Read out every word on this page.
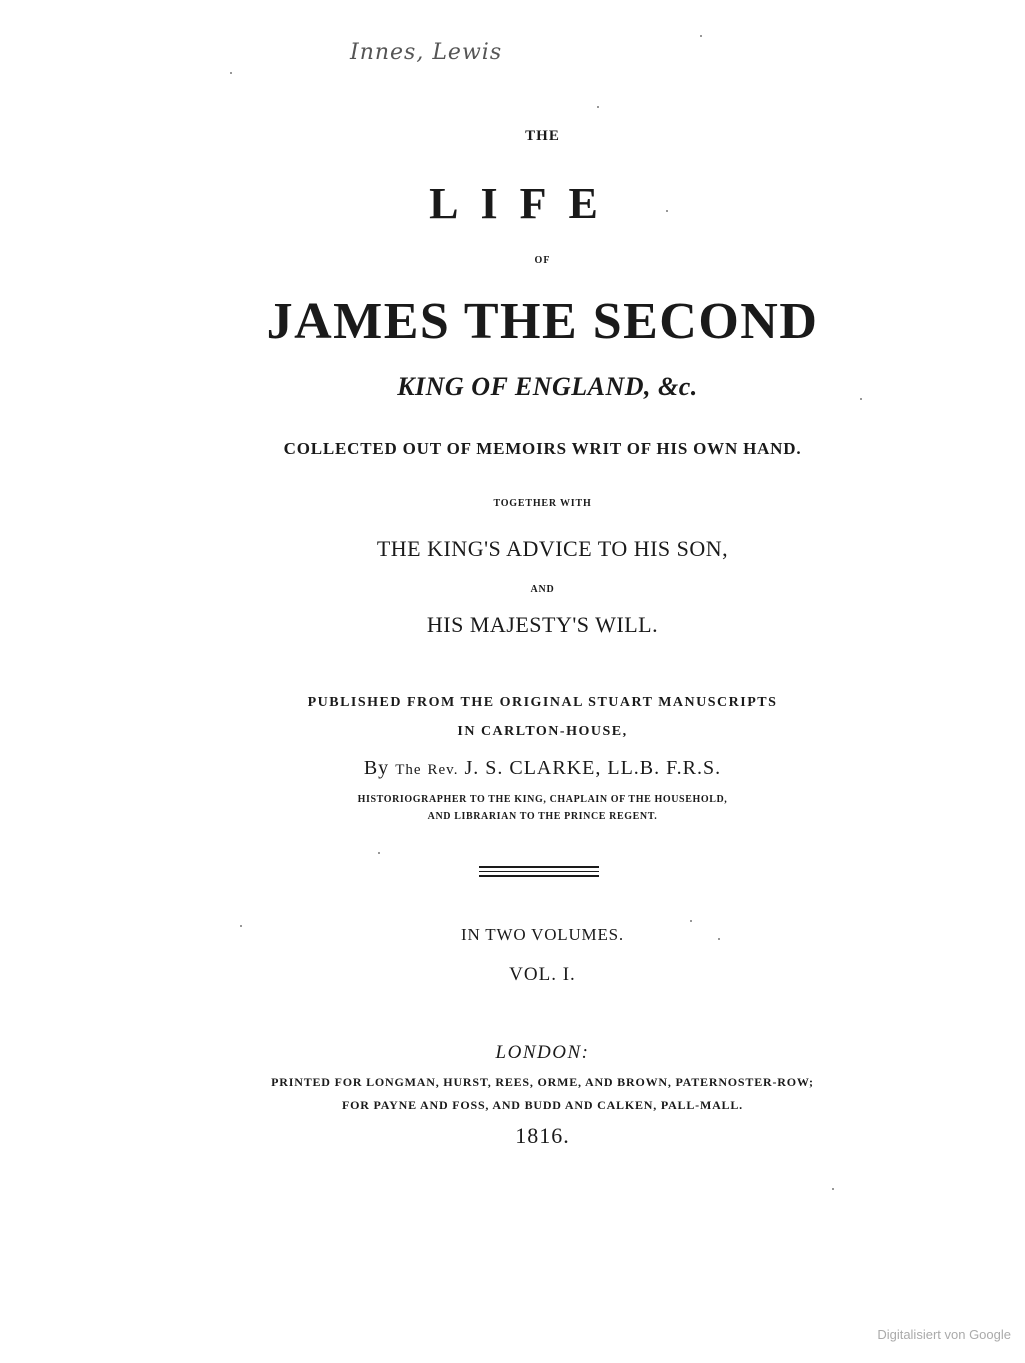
Innes, Lewis
THE
LIFE
OF
JAMES THE SECOND
KING OF ENGLAND, &c.
COLLECTED OUT OF MEMOIRS WRIT OF HIS OWN HAND.
TOGETHER WITH
THE KING'S ADVICE TO HIS SON,
AND
HIS MAJESTY'S WILL.
PUBLISHED FROM THE ORIGINAL STUART MANUSCRIPTS
IN CARLTON-HOUSE,
By The Rev. J. S. CLARKE, LL.B. F.R.S.
HISTORIOGRAPHER TO THE KING, CHAPLAIN OF THE HOUSEHOLD,
AND LIBRARIAN TO THE PRINCE REGENT.
IN TWO VOLUMES.
VOL. I.
LONDON:
PRINTED FOR LONGMAN, HURST, REES, ORME, AND BROWN, PATERNOSTER-ROW;
FOR PAYNE AND FOSS, AND BUDD AND CALKEN, PALL-MALL.
1816.
Digitalisiert von Google
